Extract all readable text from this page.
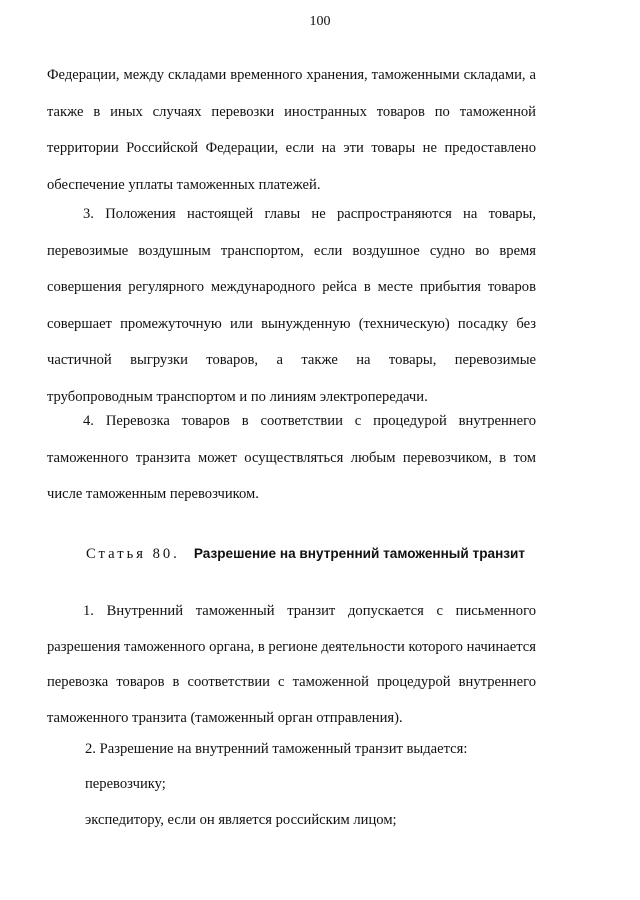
100

Федерации, между складами временного хранения, таможенными складами, а также в иных случаях перевозки иностранных товаров по таможенной территории Российской Федерации, если на эти товары не предоставлено обеспечение уплаты таможенных платежей.

3. Положения настоящей главы не распространяются на товары, перевозимые воздушным транспортом, если воздушное судно во время совершения регулярного международного рейса в месте прибытия товаров совершает промежуточную или вынужденную (техническую) посадку без частичной выгрузки товаров, а также на товары, перевозимые трубопроводным транспортом и по линиям электропередачи.

4. Перевозка товаров в соответствии с процедурой внутреннего таможенного транзита может осуществляться любым перевозчиком, в том числе таможенным перевозчиком.

Статья 80. Разрешение на внутренний таможенный транзит

1. Внутренний таможенный транзит допускается с письменного разрешения таможенного органа, в регионе деятельности которого начинается перевозка товаров в соответствии с таможенной процедурой внутреннего таможенного транзита (таможенный орган отправления).

2. Разрешение на внутренний таможенный транзит выдается:

перевозчику;

экспедитору, если он является российским лицом;
